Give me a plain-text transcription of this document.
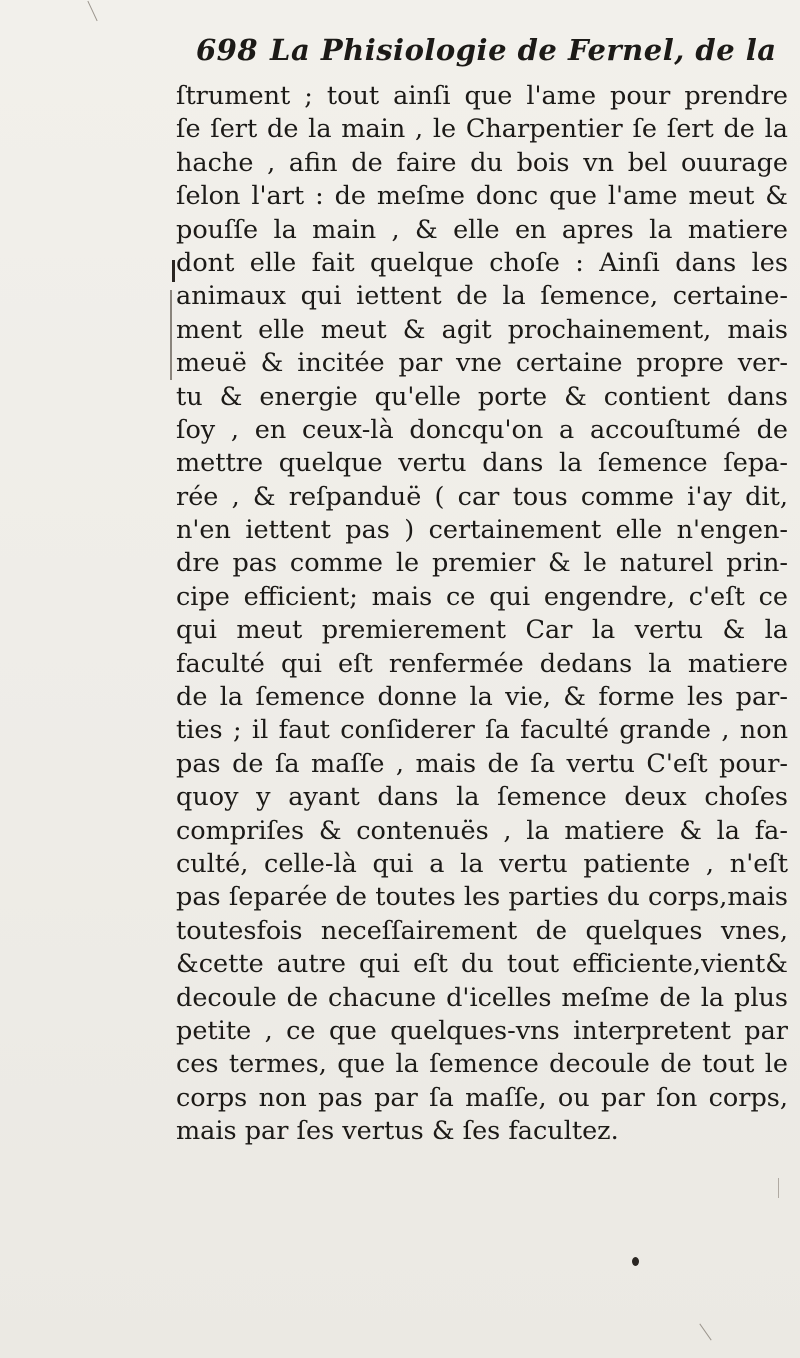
698 La Phisiologie de Fernel, de la
ſtrument ; tout ainſi que l'ame pour prendre
ſe ſert de la main , le Charpentier ſe ſert de la
hache , afin de faire du bois vn bel ouurage
ſelon l'art : de meſme donc que l'ame meut &
pouſſe la main , & elle en apres la matiere
dont elle fait quelque choſe : Ainſi dans les
animaux qui iettent de la ſemence, certaine-
ment elle meut & agit prochainement, mais
meuë & incitée par vne certaine propre ver-
tu & energie qu'elle porte & contient dans
ſoy , en ceux-là doncqu'on a accouſtumé de
mettre quelque vertu dans la ſemence ſepa-
rée , & reſpanduë ( car tous comme i'ay dit,
n'en iettent pas ) certainement elle n'engen-
dre pas comme le premier & le naturel prin-
cipe efficient; mais ce qui engendre, c'eſt ce
qui meut premierement Car la vertu & la
faculté qui eſt renfermée dedans la matiere
de la ſemence donne la vie, & forme les par-
ties ; il faut conſiderer ſa faculté grande , non
pas de ſa maſſe , mais de ſa vertu C'eſt pour-
quoy y ayant dans la ſemence deux choſes
compriſes & contenuës , la matiere & la fa-
culté, celle-là qui a la vertu patiente , n'eſt
pas ſeparée de toutes les parties du corps,mais
toutesfois neceſſairement de quelques vnes,
&cette autre qui eſt du tout efficiente,vient&
decoule de chacune d'icelles meſme de la plus
petite , ce que quelques-vns interpretent par
ces termes, que la ſemence decoule de tout le
corps non pas par ſa maſſe, ou par ſon corps,
mais par ſes vertus & ſes facultez.
